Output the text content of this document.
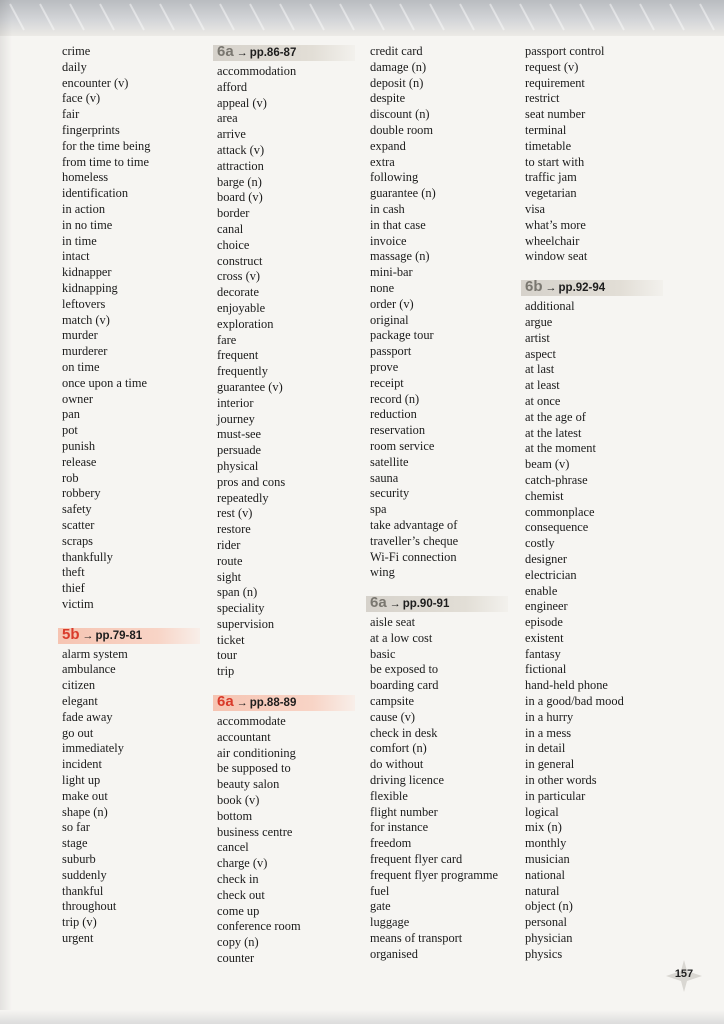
crime
daily
encounter (v)
face (v)
fair
fingerprints
for the time being
from time to time
homeless
identification
in action
in no time
in time
intact
kidnapper
kidnapping
leftovers
match (v)
murder
murderer
on time
once upon a time
owner
pan
pot
punish
release
rob
robbery
safety
scatter
scraps
thankfully
theft
thief
victim
5b → pp.79-81
alarm system
ambulance
citizen
elegant
fade away
go out
immediately
incident
light up
make out
shape (n)
so far
stage
suburb
suddenly
thankful
throughout
trip (v)
urgent
6a → pp.86-87
accommodation
afford
appeal (v)
area
arrive
attack (v)
attraction
barge (n)
board (v)
border
canal
choice
construct
cross (v)
decorate
enjoyable
exploration
fare
frequent
frequently
guarantee (v)
interior
journey
must-see
persuade
physical
pros and cons
repeatedly
rest (v)
restore
rider
route
sight
span (n)
speciality
supervision
ticket
tour
trip
6a → pp.88-89
accommodate
accountant
air conditioning
be supposed to
beauty salon
book (v)
bottom
business centre
cancel
charge (v)
check in
check out
come up
conference room
copy (n)
counter
credit card
damage (n)
deposit (n)
despite
discount (n)
double room
expand
extra
following
guarantee (n)
in cash
in that case
invoice
massage (n)
mini-bar
none
order (v)
original
package tour
passport
prove
receipt
record (n)
reduction
reservation
room service
satellite
sauna
security
spa
take advantage of
traveller’s cheque
Wi-Fi connection
wing
6a → pp.90-91
aisle seat
at a low cost
basic
be exposed to
boarding card
campsite
cause (v)
check in desk
comfort (n)
do without
driving licence
flexible
flight number
for instance
freedom
frequent flyer card
frequent flyer programme
fuel
gate
luggage
means of transport
organised
passport control
request (v)
requirement
restrict
seat number
terminal
timetable
to start with
traffic jam
vegetarian
visa
what’s more
wheelchair
window seat
6b → pp.92-94
additional
argue
artist
aspect
at last
at least
at once
at the age of
at the latest
at the moment
beam (v)
catch-phrase
chemist
commonplace
consequence
costly
designer
electrician
enable
engineer
episode
existent
fantasy
fictional
hand-held phone
in a good/bad mood
in a hurry
in a mess
in detail
in general
in other words
in particular
logical
mix (n)
monthly
musician
national
natural
object (n)
personal
physician
physics
157
